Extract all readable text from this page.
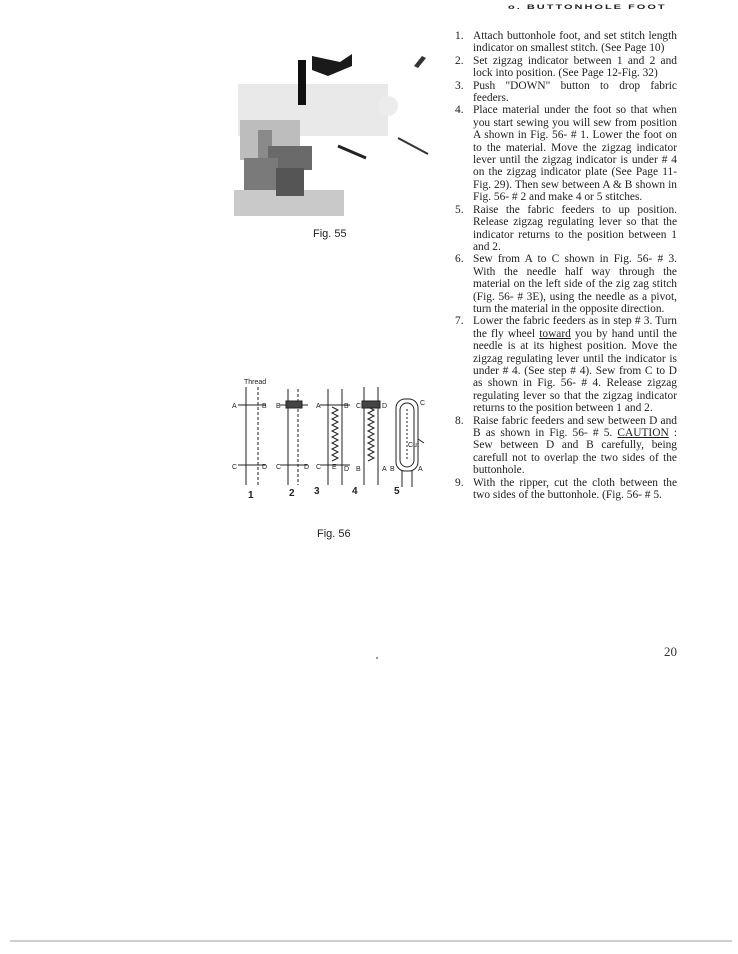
o. BUTTONHOLE FOOT
Fig. 55
Thread
A	B
C	D
B
C	D
A	B
C E D
C
B
D
A
C
B	A
Cut
1	2 3	4	5
Fig. 56
1. Attach buttonhole foot, and set stitch length indicator on smallest stitch. (See Page 10)
2. Set zigzag indicator between 1 and 2 and lock into position. (See Page 12-Fig. 32)
3. Push "DOWN" button to drop fabric feeders.
4. Place material under the foot so that when you start sewing you will sew from position A shown in Fig. 56- # 1. Lower the foot on to the material. Move the zigzag indicator lever until the zigzag indicator is under # 4 on the zigzag indicator plate (See Page 11-Fig. 29). Then sew between A & B shown in Fig. 56- # 2 and make 4 or 5 stitches.
5. Raise the fabric feeders to up position. Release zigzag regulating lever so that the indicator returns to the position between 1 and 2.
6. Sew from A to C shown in Fig. 56- # 3. With the needle half way through the material on the left side of the zig zag stitch (Fig. 56- # 3E), using the needle as a pivot, turn the material in the opposite direction.
7. Lower the fabric feeders as in step # 3. Turn the fly wheel toward you by hand until the needle is at its highest position. Move the zigzag regulating lever until the indicator is under # 4. (See step # 4). Sew from C to D as shown in Fig. 56- # 4. Release zigzag regulating lever so that the zigzag indicator returns to the position between 1 and 2.
8. Raise fabric feeders and sew between D and B as shown in Fig. 56- # 5. CAUTION : Sew between D and B carefully, being carefull not to overlap the two sides of the buttonhole.
9. With the ripper, cut the cloth between the two sides of the buttonhole. (Fig. 56- # 5.
20
